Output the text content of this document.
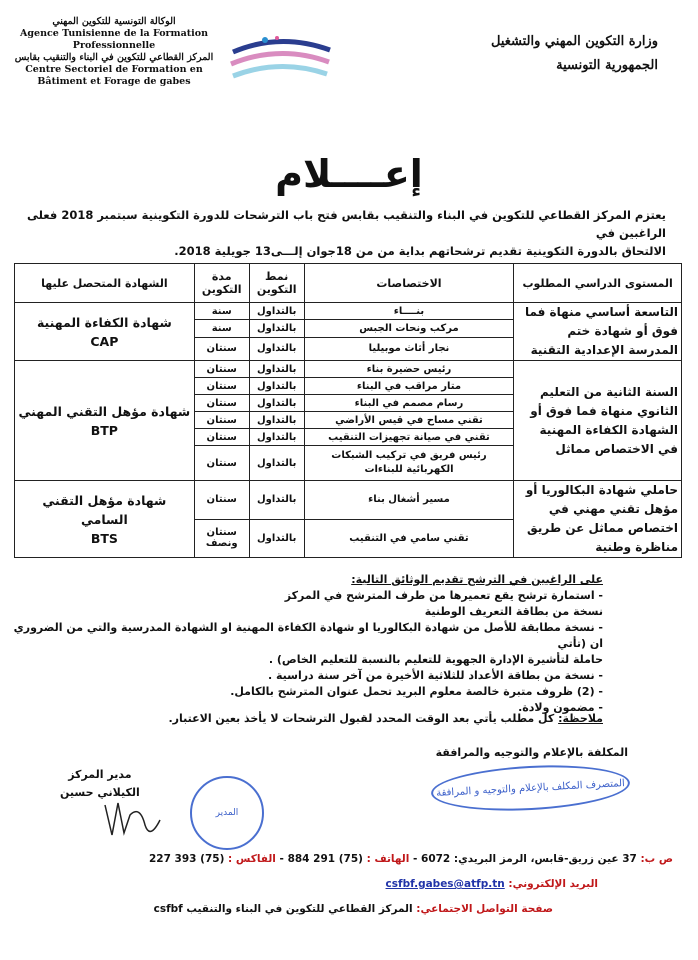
الوكالة التونسية للتكوين المهني
Agence Tunisienne de la Formation
Professionnelle
المركز القطاعي للتكوين في البناء والتنقيب بقابس
Centre Sectoriel de Formation en
Bâtiment et Forage de gabes
وزارة التكوين المهني والتشغيل
الجمهورية التونسية
إعــــلام
يعتزم المركز القطاعي للتكوين في البناء والتنقيب بقابس فتح باب الترشحات للدورة التكوينية سبتمبر 2018 فعلى الراغبين في
الالتحاق بالدورة التكوينية تقديم ترشحاتهم بداية من من 18جوان إلـــى13 جويلية 2018.
المستوى الدراسي المطلوب	الاختصاصات	نمط التكوين	مدة التكوين	الشهادة المتحصل عليها
التاسعة أساسي منهاة فما فوق أو شهادة ختم المدرسة الإعدادية التقنية	بنــــاء	بالتداول	سنة	شهادة الكفاءة المهنية
CAP

	مركب ونحات الجبس	بالتداول	سنة	
	نجار أثاث موبيليا	بالتداول	سنتان	
السنة الثانية من التعليم الثانوي منهاة فما فوق أو الشهادة الكفاءة المهنية في الاختصاص مماثل	رئيس حضيرة بناء	بالتداول	سنتان	شهادة مؤهل التقني المهني
BTP

	متار مراقب في البناء	بالتداول	سنتان	
	رسام مصمم في البناء	بالتداول	سنتان	
	تقني مساح في قيس الأراضي	بالتداول	سنتان	
	تقني في صيانة تجهيزات التنقيب	بالتداول	سنتان	
	رئيس فريق في تركيب الشبكات الكهربائية للبناءات	بالتداول	سنتان	
حاملي شهادة البكالوريا أو مؤهل تقني مهني في اختصاص مماثل عن طريق مناظرة وطنية	مسير أشغال بناء	بالتداول	سنتان	شهادة مؤهل التقني السامي
BTS

	تقني سامي في التنقيب	بالتداول	سنتان ونصف	
على الراغبين في الترشح تقديم الوثائق التالية:
- استمارة ترشح يقع تعميرها من طرف المترشح في المركز
نسخة من بطاقة التعريف الوطنية
- نسخة مطابقة للأصل من شهادة البكالوريا او شهادة الكفاءة المهنية او الشهادة المدرسية والتي من الضروري ان (تأتي
حاملة لتأشيرة الإدارة الجهوية للتعليم بالنسبة للتعليم الخاص) .
- نسخة من بطاقة الأعداد للثلاثية الأخيرة من آخر سنة دراسية .
- (2) ظروف متبرة خالصة معلوم البريد تحمل عنوان المترشح بالكامل.
- مضمون ولادة.
ملاحظة: كل مطلب يأتي بعد الوقت المحدد لقبول الترشحات لا يأخذ بعين الاعتبار.
المكلفة بالإعلام والتوجيه والمرافقة
المتصرف المكلف بالإعلام والتوجيه و المرافقة
مدير المركز
الكيلاني حسين
المدير
ص ب: 37 عين زريق-قابس، الرمز البريدي: 6072 - الهاتف : (75) 291 884 - الفاكس : (75) 393 227
البريد الإلكتروني: csfbf.gabes@atfp.tn
صفحة التواصل الاجتماعي: المركز القطاعي للتكوين في البناء والتنقيب csfbf
